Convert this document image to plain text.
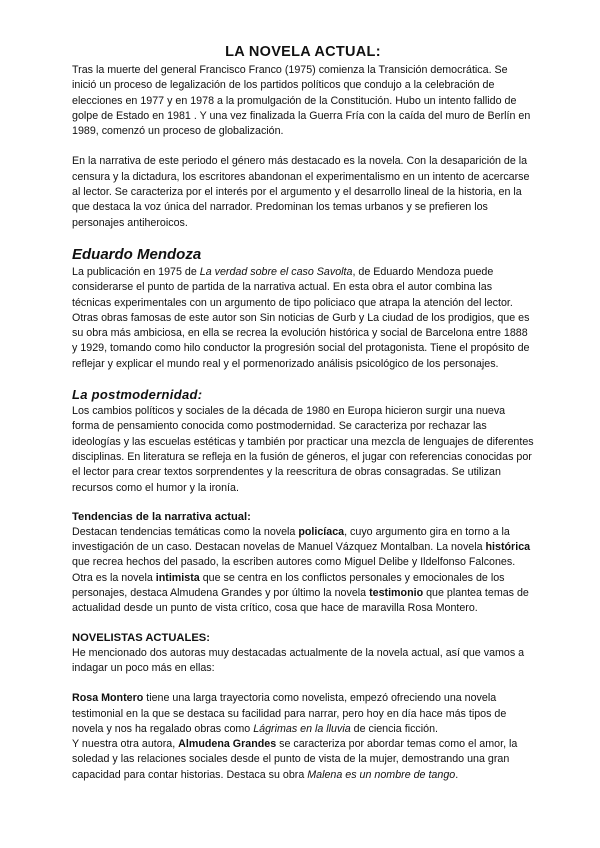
LA NOVELA ACTUAL:

Tras la muerte del general Francisco Franco (1975) comienza la Transición democrática. Se inició un proceso de legalización de los partidos políticos que condujo a la celebración de elecciones en 1977 y en 1978 a la promulgación de la Constitución. Hubo un intento fallido de golpe de Estado en 1981 . Y una vez finalizada la Guerra Fría con la caída del muro de Berlín en 1989, comenzó un proceso de globalización.

En la narrativa de este periodo el género más destacado es la novela. Con la desaparición de la censura y la dictadura, los escritores abandonan el experimentalismo en un intento de acercarse al lector. Se caracteriza por el interés por el argumento y el desarrollo lineal de la historia, en la que destaca la voz única del narrador. Predominan los temas urbanos y se prefieren los personajes antiheroicos.

Eduardo Mendoza

La publicación en 1975 de La verdad sobre el caso Savolta, de Eduardo Mendoza puede considerarse el punto de partida de la narrativa actual. En esta obra el autor combina las técnicas experimentales con un argumento de tipo policiaco que atrapa la atención del lector. Otras obras famosas de este autor son Sin noticias de Gurb y La ciudad de los prodigios, que es su obra más ambiciosa, en ella se recrea la evolución histórica y social de Barcelona entre 1888 y 1929, tomando como hilo conductor la progresión social del protagonista. Tiene el propósito de reflejar y explicar el mundo real y el pormenorizado análisis psicológico de los personajes.

La postmodernidad:

Los cambios políticos y sociales de la década de 1980 en Europa hicieron surgir una nueva forma de pensamiento conocida como postmodernidad. Se caracteriza por rechazar las ideologías y las escuelas estéticas y también por practicar una mezcla de lenguajes de diferentes disciplinas. En literatura se refleja en la fusión de géneros, el jugar con referencias conocidas por el lector para crear textos sorprendentes y la reescritura de obras consagradas. Se utilizan recursos como el humor y la ironía.

Tendencias de la narrativa actual:

Destacan tendencias temáticas como la novela policíaca, cuyo argumento gira en torno a la investigación de un caso. Destacan novelas de Manuel Vázquez Montalban. La novela histórica que recrea hechos del pasado, la escriben autores como Miguel Delibe y Ildelfonso Falcones. Otra es la novela intimista que se centra en los conflictos personales y emocionales de los personajes, destaca Almudena Grandes y por último la novela testimonio que plantea temas de actualidad desde un punto de vista crítico, cosa que hace de maravilla Rosa Montero.

NOVELISTAS ACTUALES:

He mencionado dos autoras muy destacadas actualmente de la novela actual, así que vamos a indagar un poco más en ellas:

Rosa Montero tiene una larga trayectoria como novelista, empezó ofreciendo una novela testimonial en la que se destaca su facilidad para narrar, pero hoy en día hace más tipos de novela y nos ha regalado obras como Lágrimas en la lluvia de ciencia ficción.
Y nuestra otra autora, Almudena Grandes se caracteriza por abordar temas como el amor, la soledad y las relaciones sociales desde el punto de vista de la mujer, demostrando una gran capacidad para contar historias. Destaca su obra Malena es un nombre de tango.
